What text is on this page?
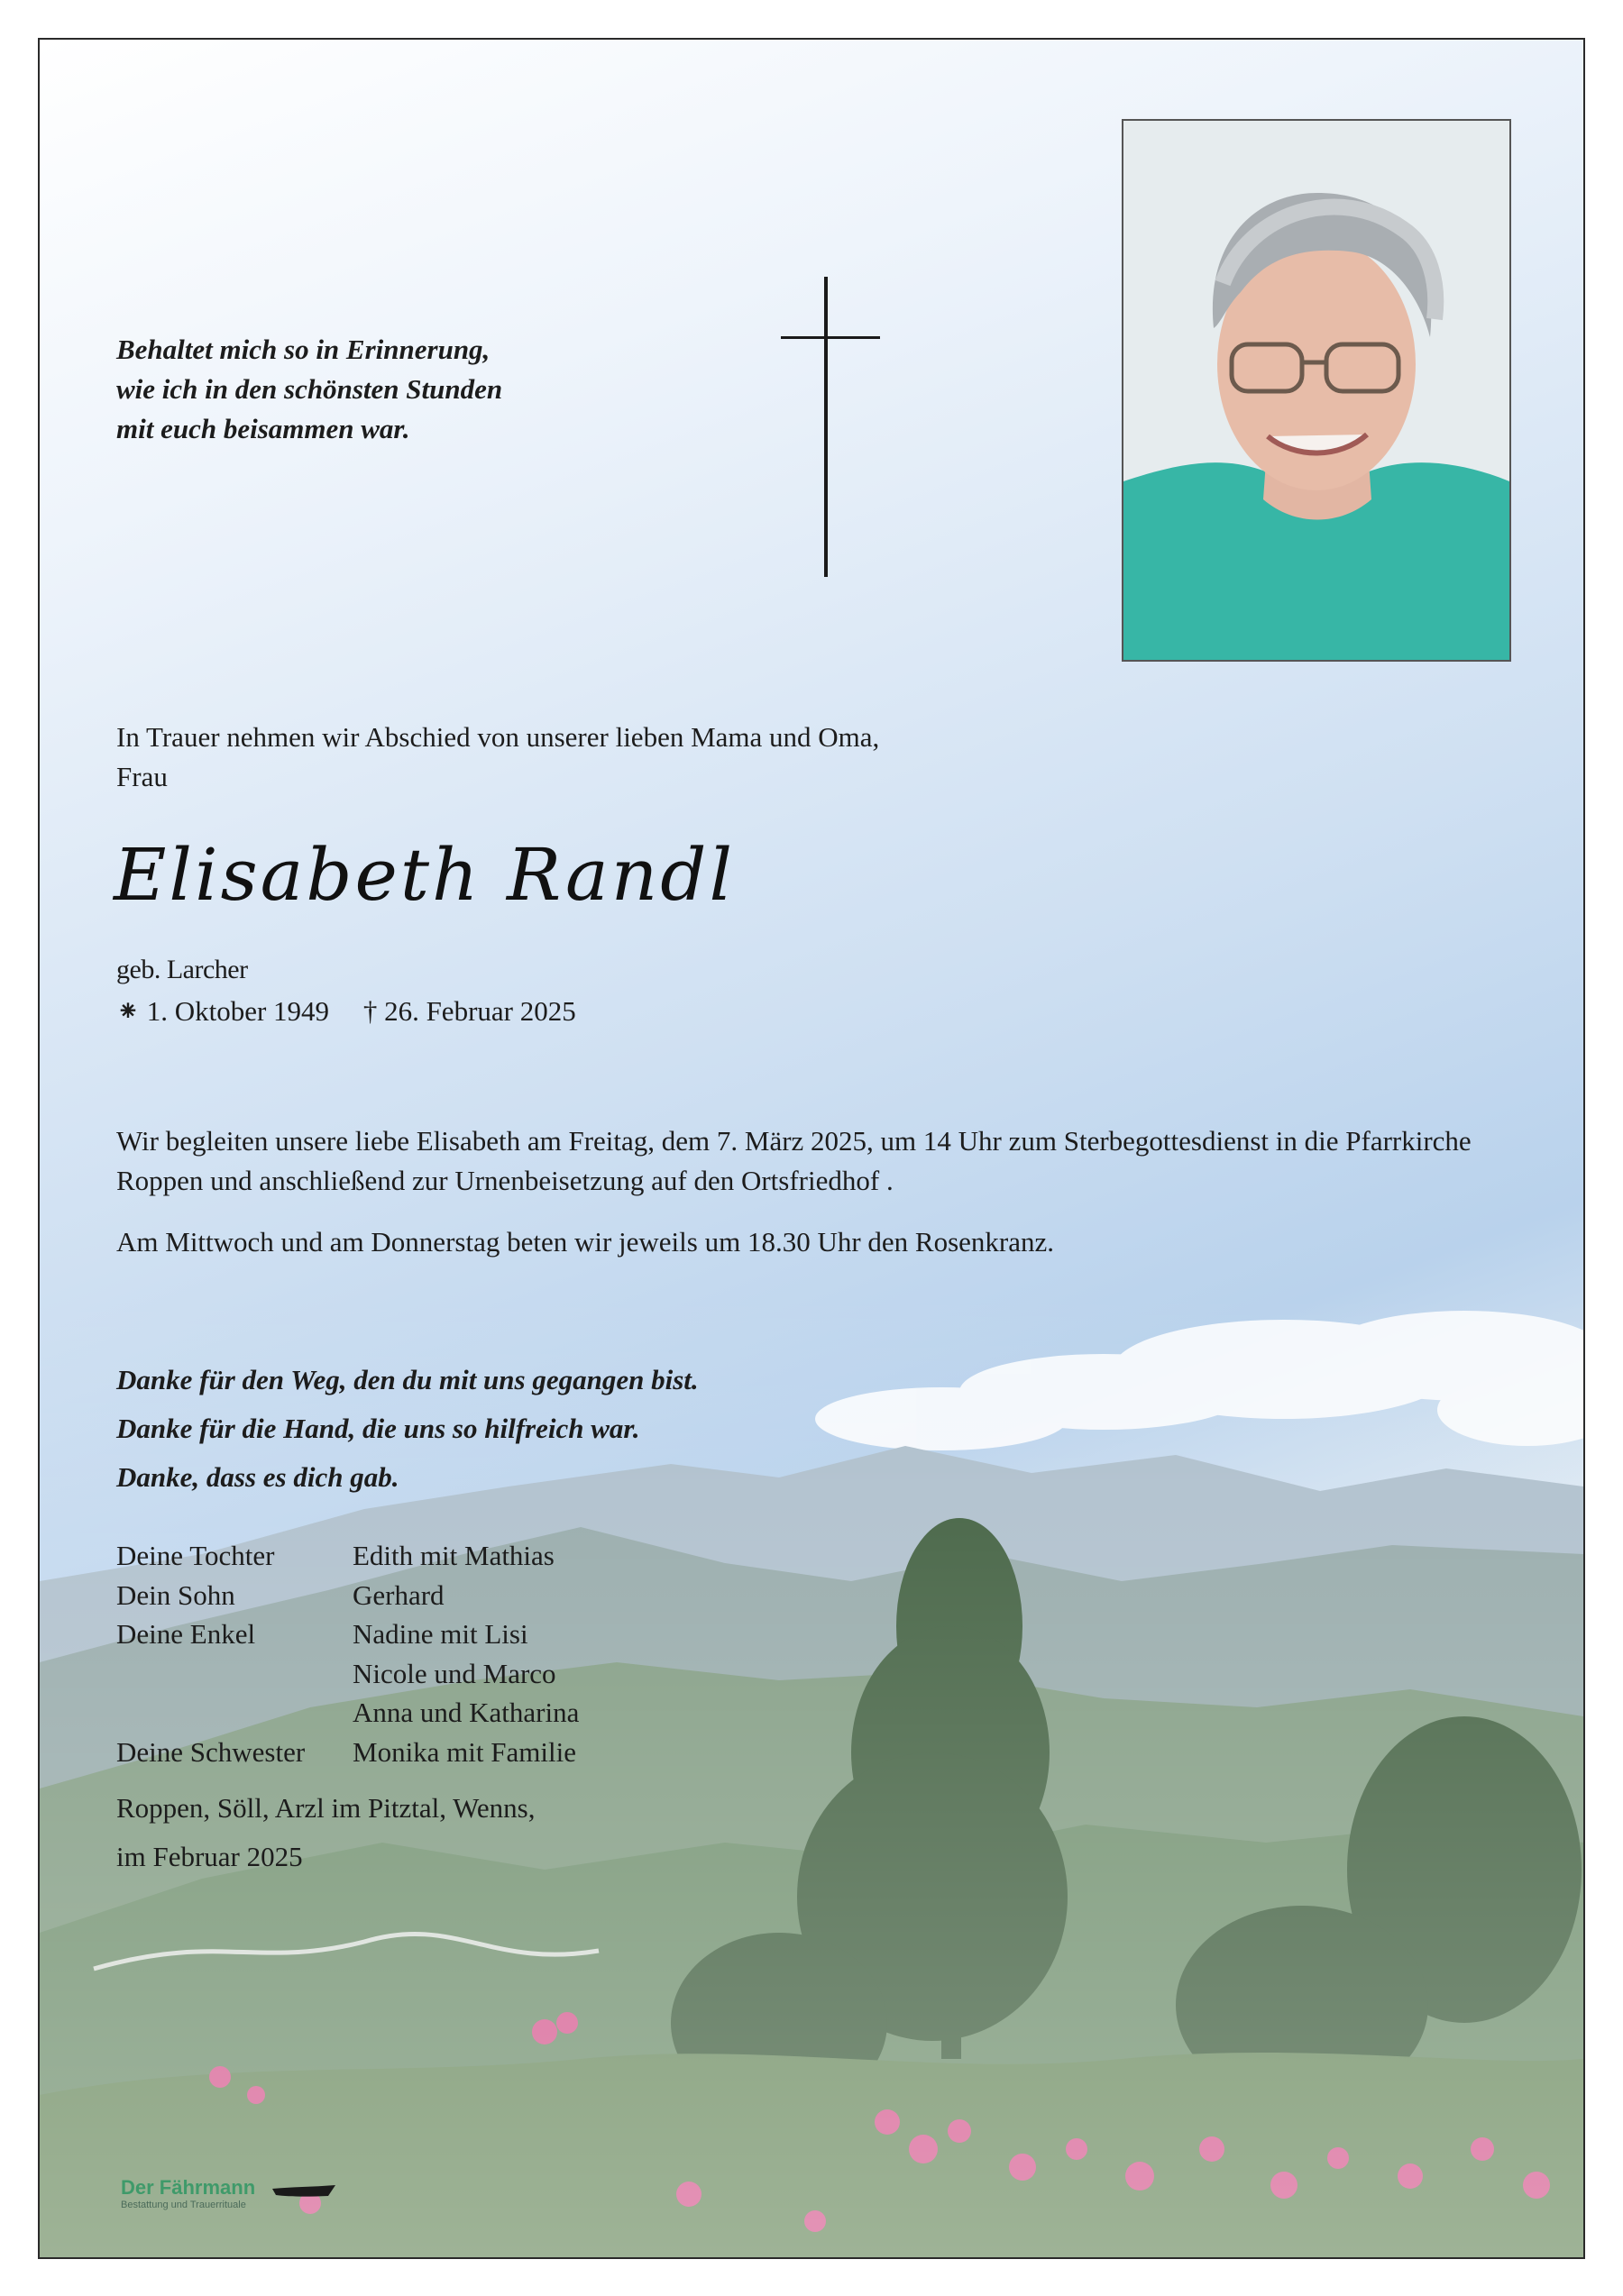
Behaltet mich so in Erinnerung,
wie ich in den schönsten Stunden
mit euch beisammen war.
In Trauer nehmen wir Abschied von unserer lieben Mama und Oma,
Frau
Elisabeth Randl
geb. Larcher
⁕ 1. Oktober 1949 † 26. Februar 2025
Wir begleiten unsere liebe Elisabeth am Freitag, dem 7. März 2025, um 14 Uhr zum Sterbegottesdienst in die Pfarrkirche Roppen und anschließend zur Urnenbeisetzung auf den Ortsfriedhof .
Am Mittwoch und am Donnerstag beten wir jeweils um 18.30 Uhr den Rosenkranz.
Danke für den Weg, den du mit uns gegangen bist.
Danke für die Hand, die uns so hilfreich war.
Danke, dass es dich gab.
Deine Tochter	Edith mit Mathias
Dein Sohn	Gerhard
Deine Enkel	Nadine mit Lisi
Nicole und Marco
Anna und Katharina
Deine Schwester	Monika mit Familie
Roppen, Söll, Arzl im Pitztal, Wenns,
im Februar 2025
Der Fährmann
Bestattung und Trauerrituale
